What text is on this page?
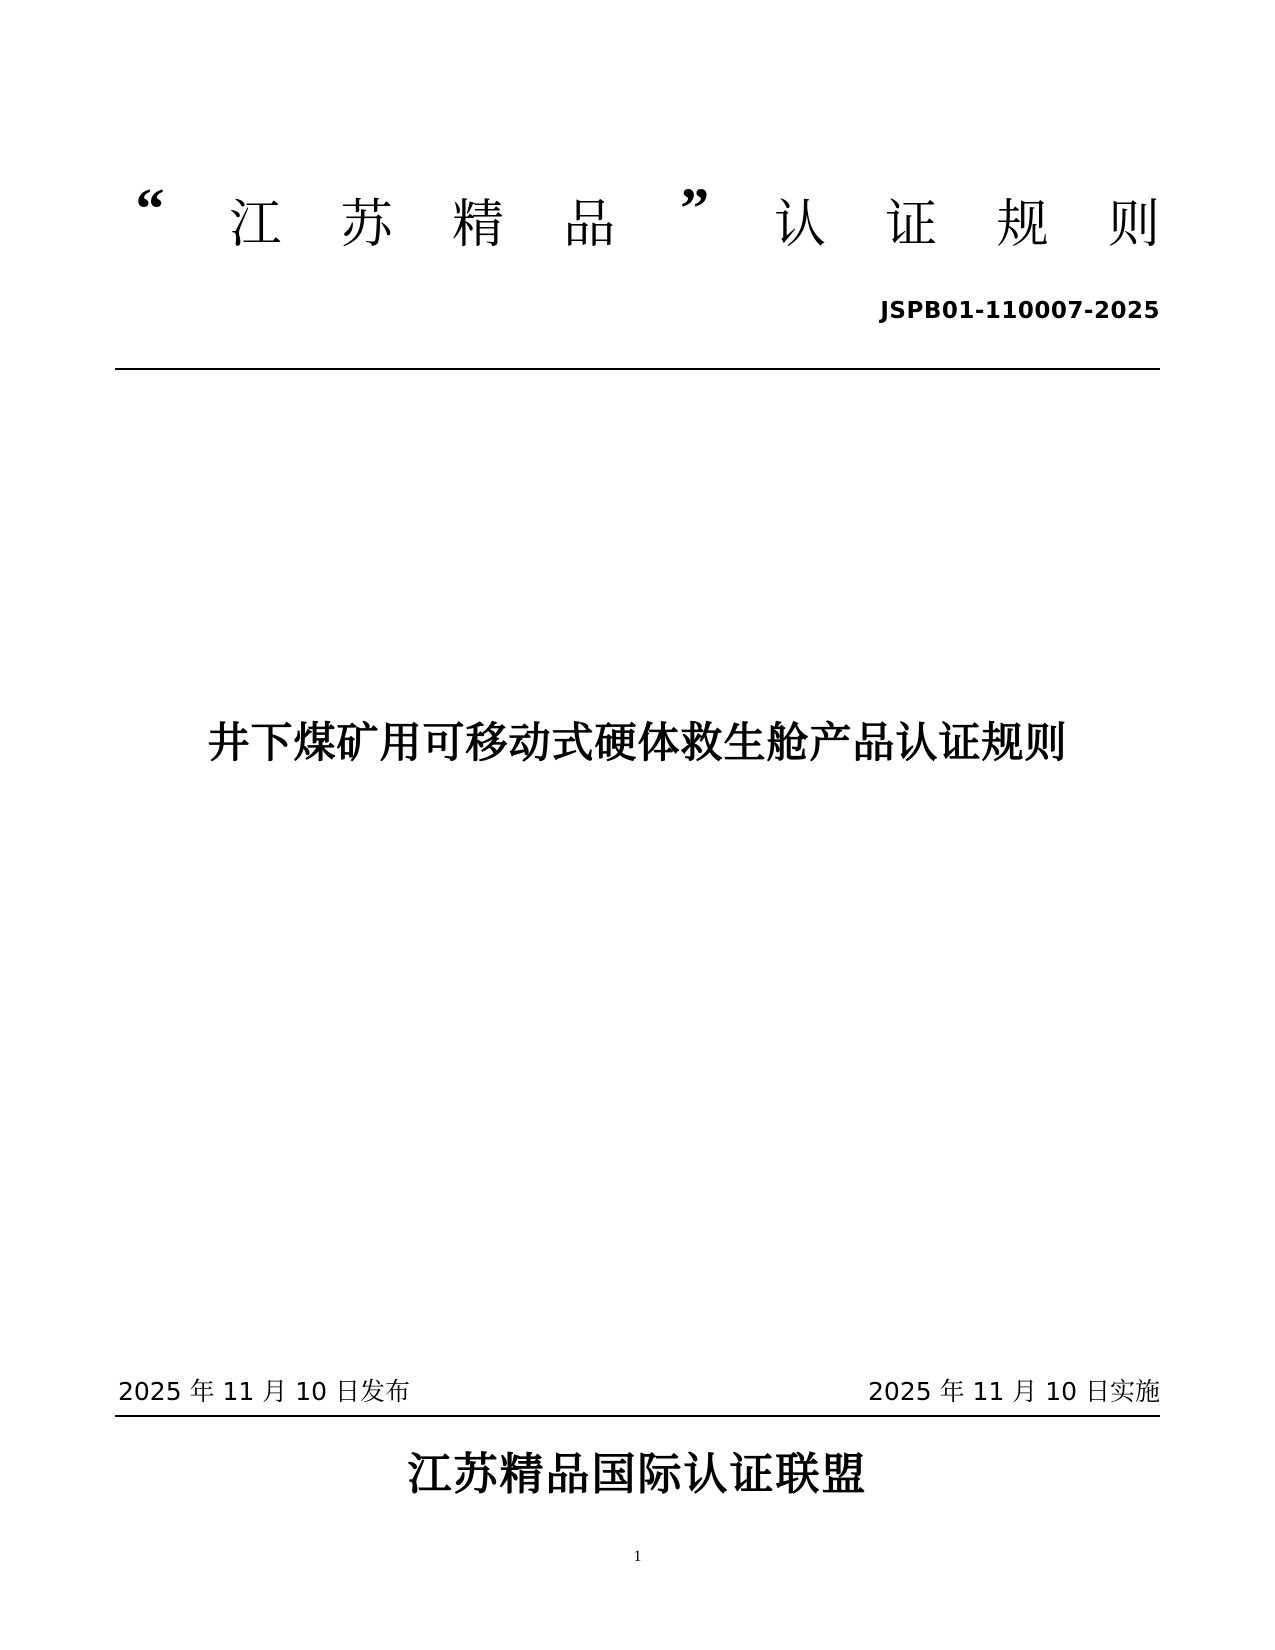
“ 江 苏 精 品 ” 认 证 规 则
JSPB01-110007-2025
井下煤矿用可移动式硬体救生舱产品认证规则
2025 年 11 月 10 日发布	2025 年 11 月 10 日实施
江苏精品国际认证联盟
1
